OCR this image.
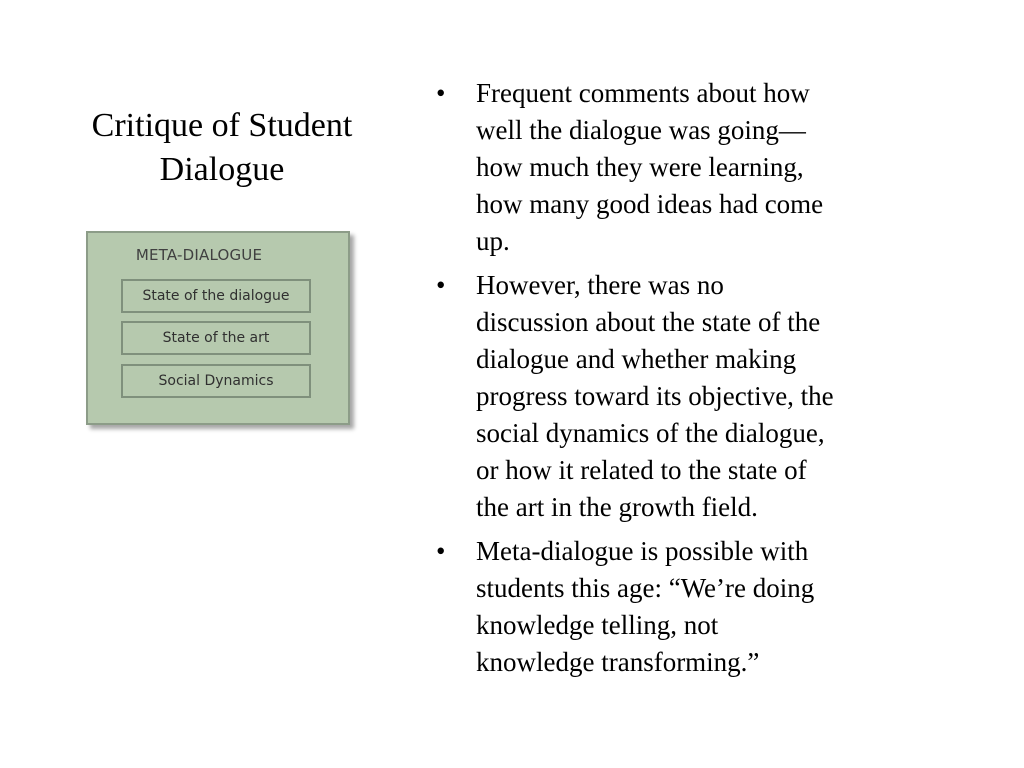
Critique of Student
Dialogue
META-DIALOGUE
State of the dialogue
State of the art
Social Dynamics
• Frequent comments about how
well the dialogue was going—
how much they were learning,
how many good ideas had come
up.
• However, there was no
discussion about the state of the
dialogue and whether making
progress toward its objective, the
social dynamics of the dialogue,
or how it related to the state of
the art in the growth field.
• Meta-dialogue is possible with
students this age: “We’re doing
knowledge telling, not
knowledge transforming.”
